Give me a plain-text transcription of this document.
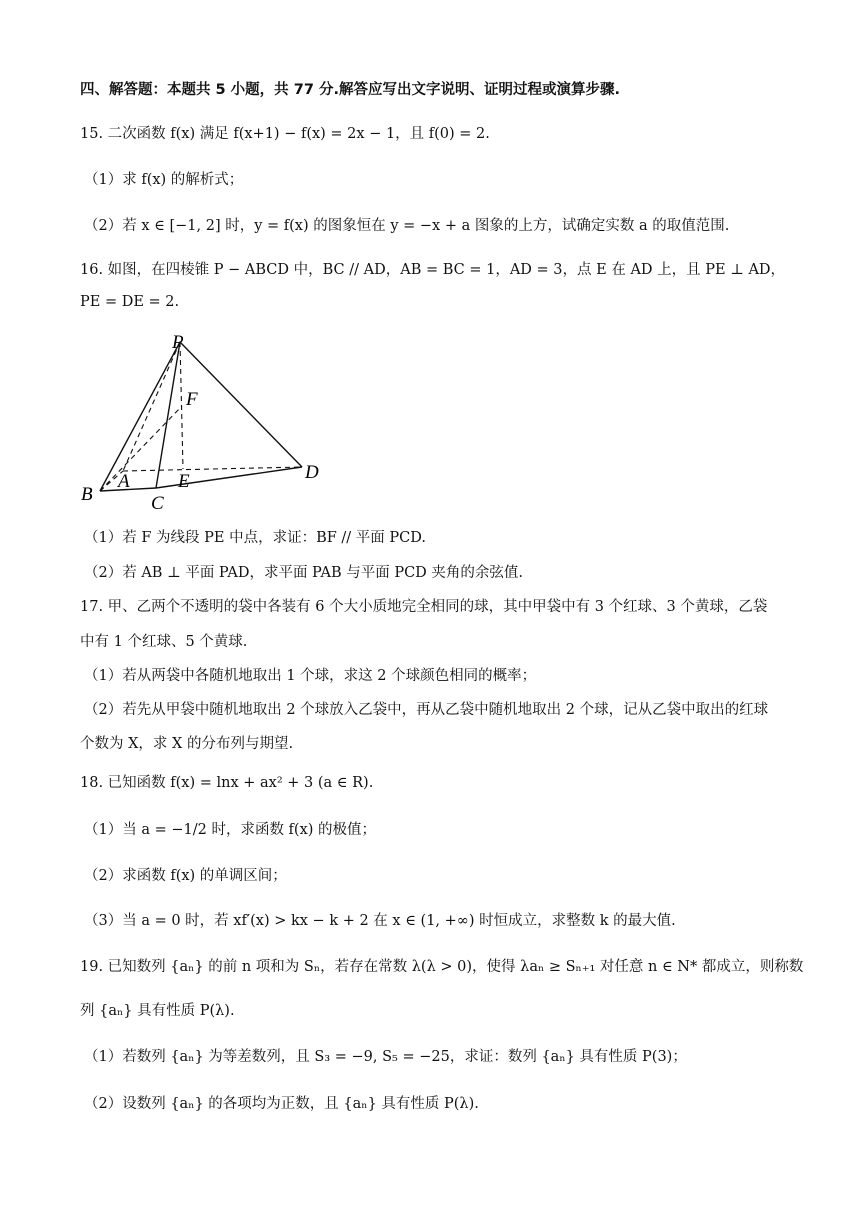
四、解答题：本题共 5 小题，共 77 分.解答应写出文字说明、证明过程或演算步骤.
15. 二次函数 f(x) 满足 f(x+1) − f(x) = 2x − 1，且 f(0) = 2.
（1）求 f(x) 的解析式；
（2）若 x ∈ [−1, 2] 时，y = f(x) 的图象恒在 y = −x + a 图象的上方，试确定实数 a 的取值范围.
16. 如图，在四棱锥 P − ABCD 中，BC // AD，AB = BC = 1，AD = 3，点 E 在 AD 上，且 PE ⊥ AD，
PE = DE = 2.
P
F
A	E
B	C
D
（1）若 F 为线段 PE 中点，求证：BF // 平面 PCD.
（2）若 AB ⊥ 平面 PAD，求平面 PAB 与平面 PCD 夹角的余弦值.
17. 甲、乙两个不透明的袋中各装有 6 个大小质地完全相同的球，其中甲袋中有 3 个红球、3 个黄球，乙袋
中有 1 个红球、5 个黄球.
（1）若从两袋中各随机地取出 1 个球，求这 2 个球颜色相同的概率；
（2）若先从甲袋中随机地取出 2 个球放入乙袋中，再从乙袋中随机地取出 2 个球，记从乙袋中取出的红球
个数为 X，求 X 的分布列与期望.
18. 已知函数 f(x) = lnx + ax² + 3 (a ∈ R).
（1）当 a = −1/2 时，求函数 f(x) 的极值；
（2）求函数 f(x) 的单调区间；
（3）当 a = 0 时，若 xf′(x) > kx − k + 2 在 x ∈ (1, +∞) 时恒成立，求整数 k 的最大值.
19. 已知数列 {aₙ} 的前 n 项和为 Sₙ，若存在常数 λ(λ > 0)，使得 λaₙ ≥ Sₙ₊₁ 对任意 n ∈ N* 都成立，则称数
列 {aₙ} 具有性质 P(λ).
（1）若数列 {aₙ} 为等差数列，且 S₃ = −9, S₅ = −25，求证：数列 {aₙ} 具有性质 P(3)；
（2）设数列 {aₙ} 的各项均为正数，且 {aₙ} 具有性质 P(λ).
